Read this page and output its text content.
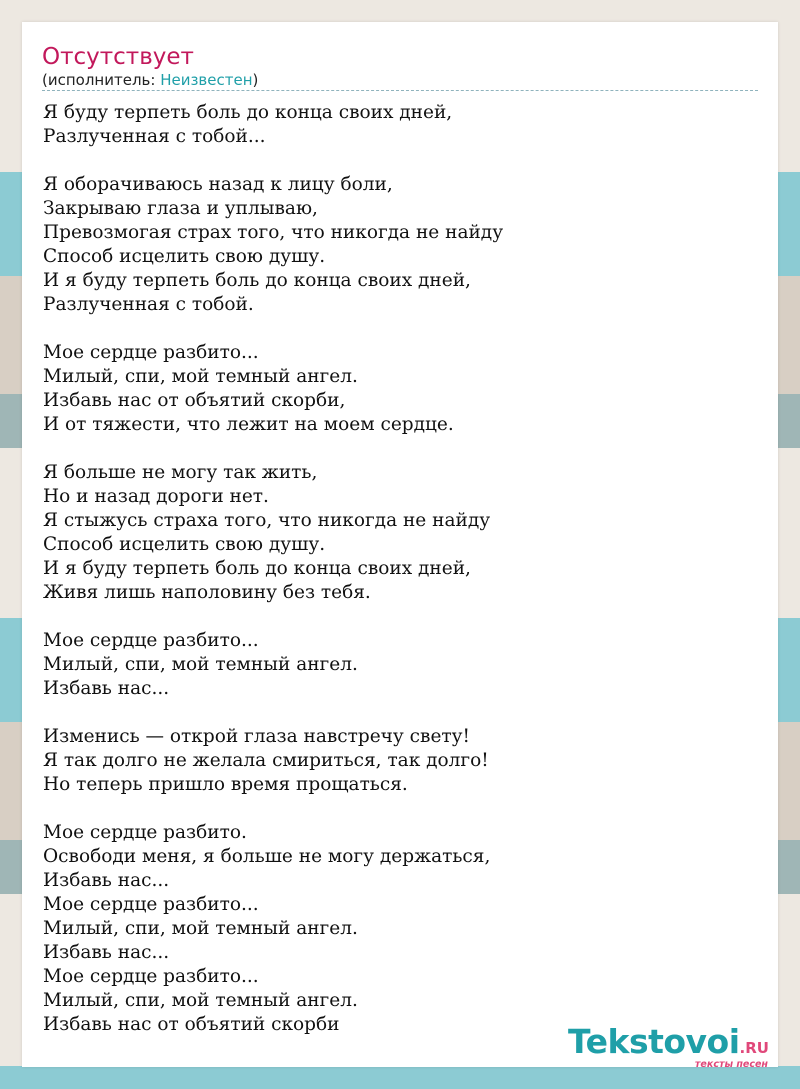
Отсутствует
(исполнитель: Неизвестен)
Я буду терпеть боль до конца своих дней,
Разлученная с тобой...
Я оборачиваюсь назад к лицу боли,
Закрываю глаза и уплываю,
Превозмогая страх того, что никогда не найду
Способ исцелить свою душу.
И я буду терпеть боль до конца своих дней,
Разлученная с тобой.
Мое сердце разбито...
Милый, спи, мой темный ангел.
Избавь нас от объятий скорби,
И от тяжести, что лежит на моем сердце.
Я больше не могу так жить,
Но и назад дороги нет.
Я стыжусь страха того, что никогда не найду
Способ исцелить свою душу.
И я буду терпеть боль до конца своих дней,
Живя лишь наполовину без тебя.
Мое сердце разбито...
Милый, спи, мой темный ангел.
Избавь нас...
Изменись — открой глаза навстречу свету!
Я так долго не желала смириться, так долго!
Но теперь пришло время прощаться.
Мое сердце разбито.
Освободи меня, я больше не могу держаться,
Избавь нас...
Мое сердце разбито...
Милый, спи, мой темный ангел.
Избавь нас...
Мое сердце разбито...
Милый, спи, мой темный ангел.
Избавь нас от объятий скорби	Tekstovoi.RU
тексты песен
